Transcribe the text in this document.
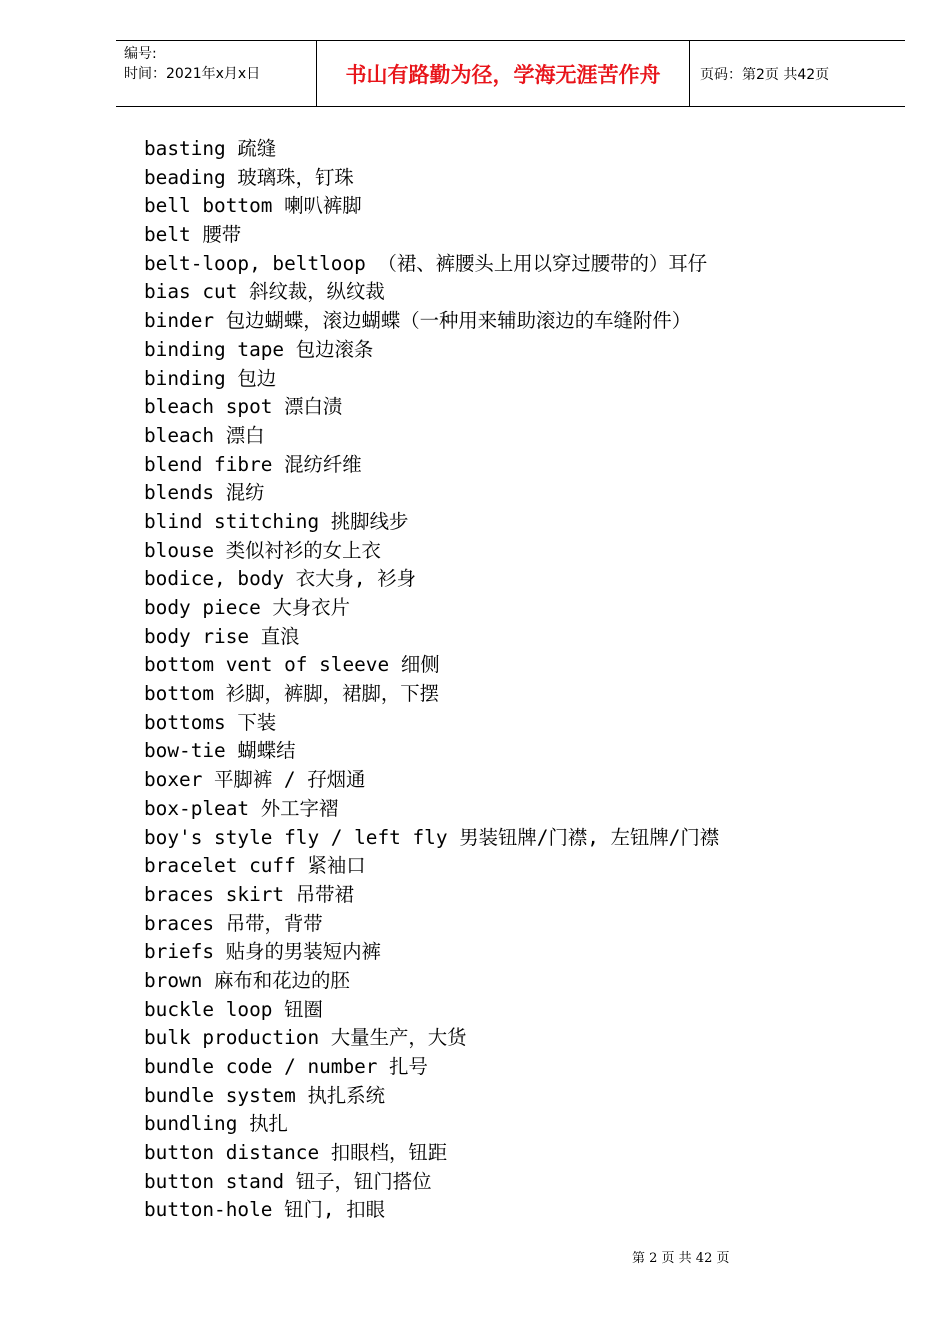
编号:
时间：2021年x月x日	书山有路勤为径，学海无涯苦作舟	页码：第2页 共42页
basting 疏缝
beading 玻璃珠，钉珠
bell bottom 喇叭裤脚
belt 腰带
belt-loop, beltloop （裙、裤腰头上用以穿过腰带的）耳仔
bias cut 斜纹裁，纵纹裁
binder 包边蝴蝶，滚边蝴蝶（一种用来辅助滚边的车缝附件）
binding tape 包边滚条
binding 包边
bleach spot 漂白渍
bleach 漂白
blend fibre 混纺纤维
blends 混纺
blind stitching 挑脚线步
blouse 类似衬衫的女上衣
bodice, body 衣大身, 衫身
body piece 大身衣片
body rise 直浪
bottom vent of sleeve 细侧
bottom 衫脚，裤脚，裙脚，下摆
bottoms 下装
bow-tie 蝴蝶结
boxer 平脚裤 / 孖烟通
box-pleat 外工字褶
boy's style fly / left fly 男装钮牌/门襟, 左钮牌/门襟
bracelet cuff 紧袖口
braces skirt 吊带裙
braces 吊带，背带
briefs 贴身的男装短内裤
brown 麻布和花边的胚
buckle loop 钮圈
bulk production 大量生产，大货
bundle code / number 扎号
bundle system 执扎系统
bundling 执扎
button distance 扣眼档，钮距
button stand 钮子，钮门搭位
button-hole 钮门, 扣眼
第 2 页 共 42 页
